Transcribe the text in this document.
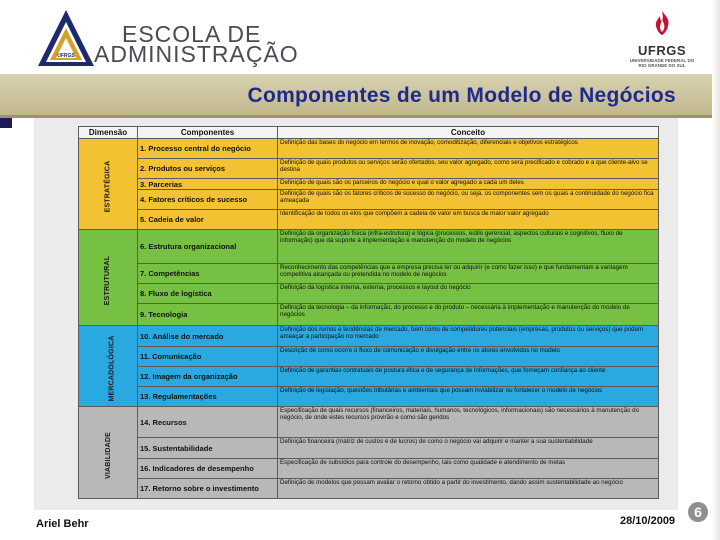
UFRGS
ESCOLA DE
ADMINISTRAÇÃO	UFRGS
UNIVERSIDADE FEDERAL DO RIO GRANDE DO SUL
Componentes de um Modelo de Negócios
Dimensão	Componentes	Conceito
ESTRATÉGICA	1. Processo central do negócio	Definição das bases do negócio em termos de inovação, comoditização, diferenciais e objetivos estratégicos

	2. Produtos ou serviços	Definição de quais produtos ou serviços serão ofertados, seu valor agregado, como será precificado e cobrado e a que cliente-alvo se destina

	3. Parcerias	Definição de quais são os parceiros do negócio e qual o valor agregado a cada um deles

	4. Fatores críticos de sucesso	Definição de quais são os fatores críticos de sucesso do negócio, ou seja, os componentes sem os quais a continuidade do negócio fica ameaçada

	5. Cadeia de valor	Identificação de todos os elos que compõem a cadeia de valor em busca de maior valor agregado

ESTRUTURAL	6. Estrutura organizacional	Definição da organização física (infra-estrutura) e lógica (processos, estilo gerencial, aspectos culturais e cognitivos, fluxo de informação) que dá suporte à implementação e manutenção do modelo de negócios

	7. Competências	Reconhecimento das competências que a empresa precisa ter ou adquirir (e como fazer isso) e que fundamentam a vantagem competitiva alcançada ou pretendida no modelo de negócios

	8. Fluxo de logística	Definição da logística interna, externa, processos e layout do negócio

	9. Tecnologia	Definição da tecnologia – da informação, do processo e do produto – necessária à implementação e manutenção do modelo de negócios

MERCADOLÓGICA	10. Análise do mercado	Definição dos rumos e tendências de mercado, bem como de competidores potenciais (empresas, produtos ou serviços) que podem ameaçar a participação no mercado

	11. Comunicação	Descrição de como ocorre o fluxo de comunicação e divulgação entre os atores envolvidos no modelo

	12. Imagem da organização	Definição de garantias contratuais de postura ética e de segurança de informações, que forneçam confiança ao cliente

	13. Regulamentações	Definição de legislação, questões tributárias e ambientais que possam inviabilizar ou fortalecer o modelo de negócios

VIABILIDADE	14. Recursos	Especificação de quais recursos (financeiros, materiais, humanos, tecnológicos, informacionais) são necessários à manutenção do negócio, de onde estes recursos provirão e como são geridos

	15. Sustentabilidade	Definição financeira (matriz de custos e de lucros) de como o negócio vai adquirir e manter a sua sustentabilidade

	16. Indicadores de desempenho	Especificação de subsídios para controle do desempenho, tais como qualidade e atendimento de metas

	17. Retorno sobre o investimento	Definição de modelos que possam avaliar o retorno obtido a partir do investimento, dando assim sustentabilidade ao negócio
Ariel Behr	28/10/2009
6
